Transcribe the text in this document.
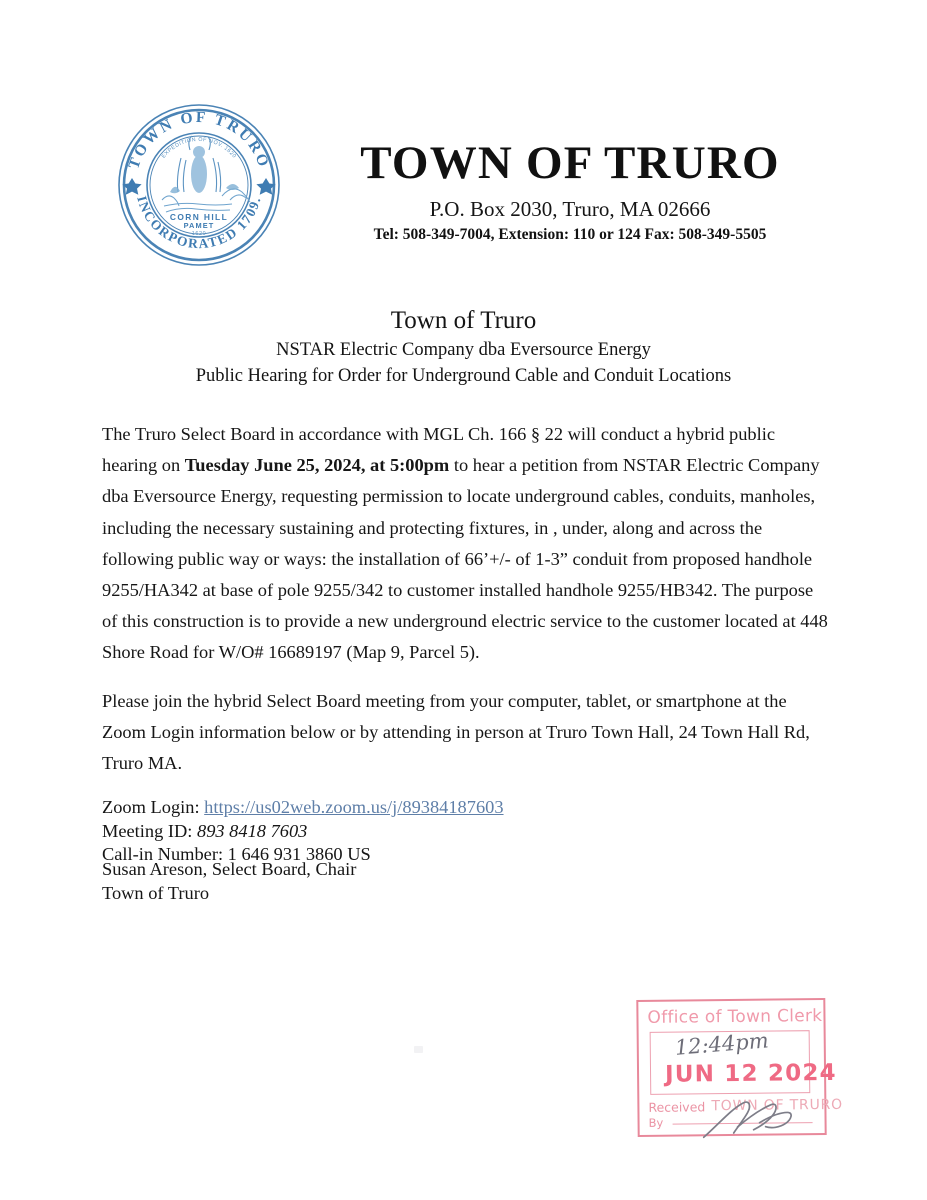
TOWN OF TRURO
INCORPORATED 1709.
EXPEDITION OF NOV. 1620
CORN HILL
PAMET
1620
TOWN OF TRURO
P.O. Box 2030, Truro, MA 02666
Tel: 508-349-7004, Extension: 110 or 124 Fax: 508-349-5505
Town of Truro
NSTAR Electric Company dba Eversource Energy
Public Hearing for Order for Underground Cable and Conduit Locations

The Truro Select Board in accordance with MGL Ch. 166 § 22 will conduct a hybrid public hearing on Tuesday June 25, 2024, at 5:00pm to hear a petition from NSTAR Electric Company dba Eversource Energy, requesting permission to locate underground cables, conduits, manholes, including the necessary sustaining and protecting fixtures, in , under, along and across the following public way or ways: the installation of 66’+/- of 1-3” conduit from proposed handhole 9255/HA342 at base of pole 9255/342 to customer installed handhole 9255/HB342. The purpose of this construction is to provide a new underground electric service to the customer located at 448 Shore Road for W/O# 16689197 (Map 9, Parcel 5).

Please join the hybrid Select Board meeting from your computer, tablet, or smartphone at the Zoom Login information below or by attending in person at Truro Town Hall, 24 Town Hall Rd, Truro MA.

Zoom Login: https://us02web.zoom.us/j/89384187603
Meeting ID: 893 8418 7603
Call-in Number: 1 646 931 3860 US
Susan Areson, Select Board, Chair
Town of Truro
Office of Town Clerk
12:44pm
JUN 12 2024
Received TOWN OF TRURO
By
